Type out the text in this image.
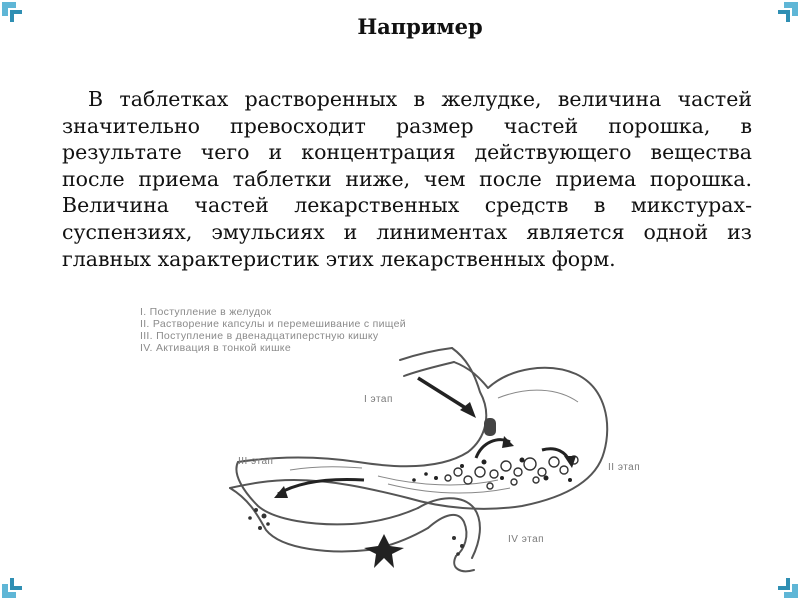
Например
В таблетках растворенных в желудке, величина частей значительно превосходит размер частей порошка, в результате чего и концентрация действующего вещества после приема таблетки ниже, чем после приема порошка. Величина частей лекарственных средств в микстурах-суспензиях, эмульсиях и линиментах является одной из главных характеристик этих лекарственных форм.
I. Поступление в желудок
II. Растворение капсулы и перемешивание с пищей
III. Поступление в двенадцатиперстную кишку
IV. Активация в тонкой кишке
I этап
II этап
III этап
IV этап
